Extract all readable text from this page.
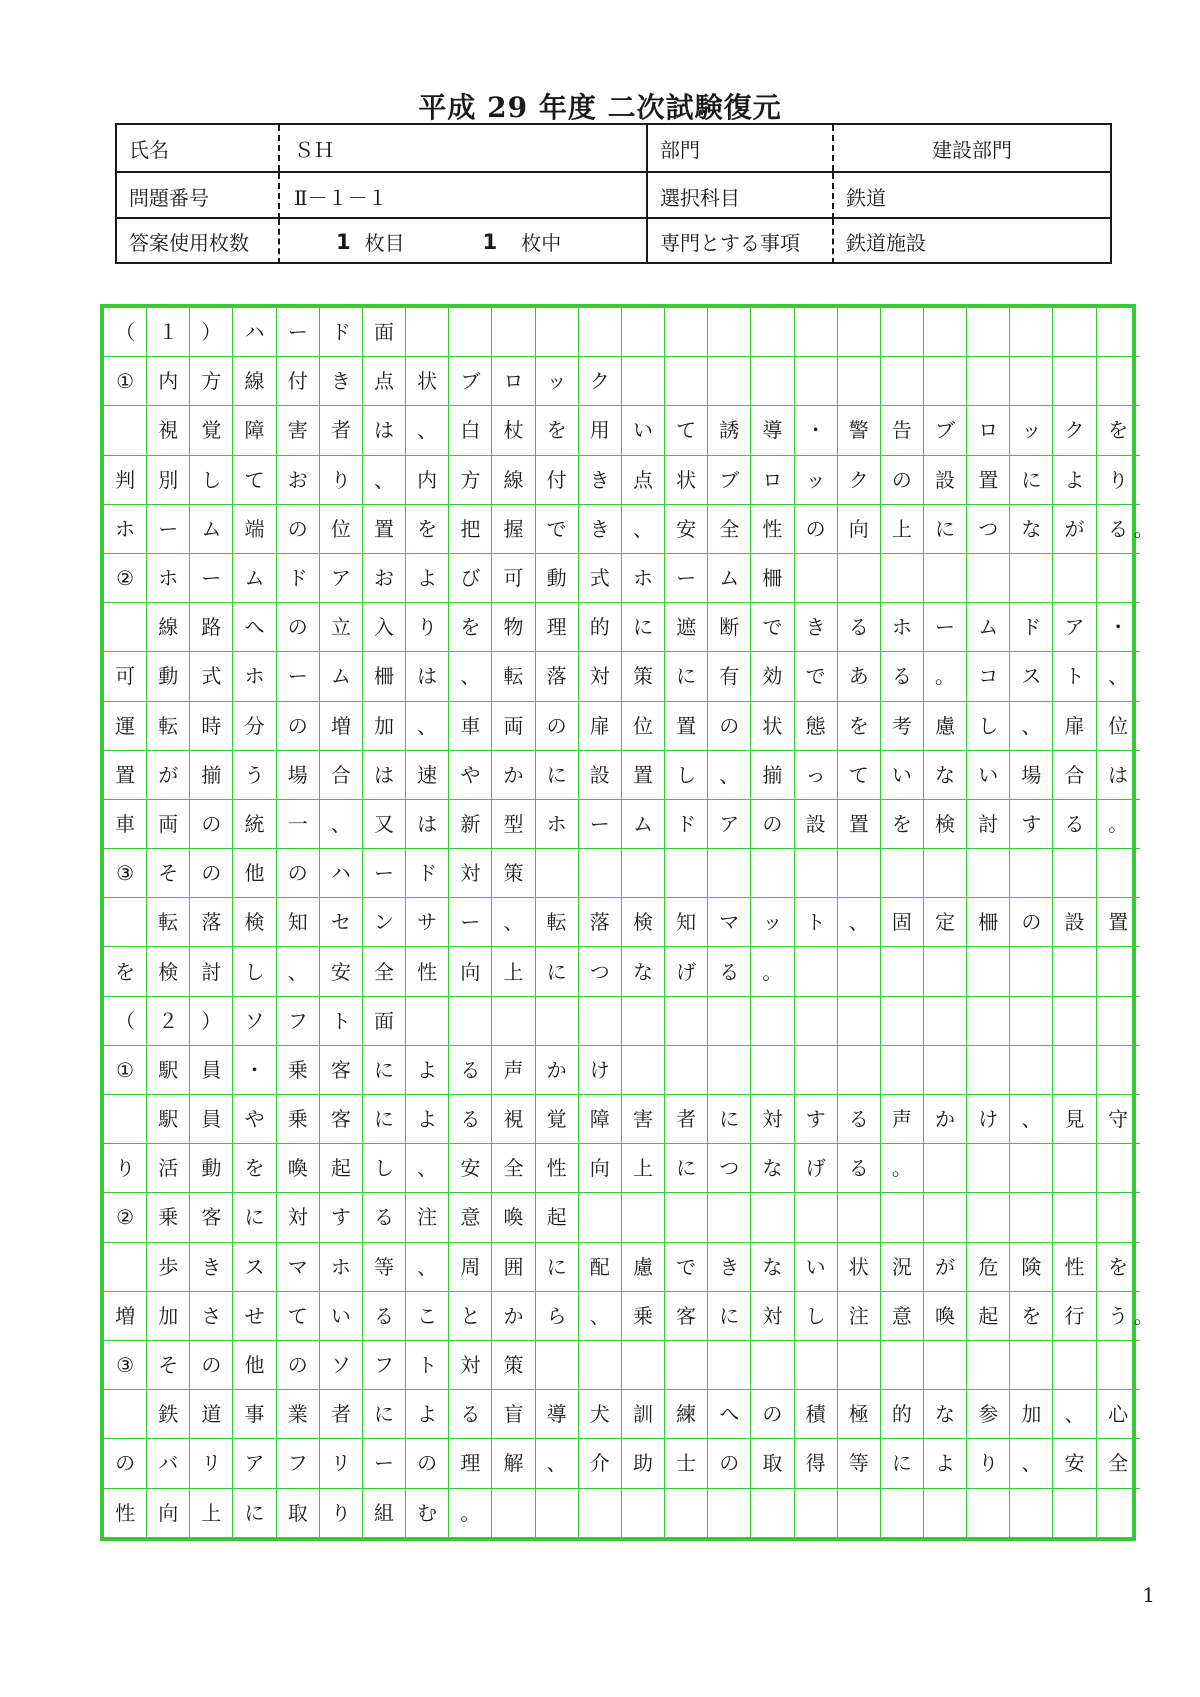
平成 29 年度 二次試験復元
氏名	ＳＨ	部門	建設部門
問題番号	Ⅱ－１－１	選択科目	鉄道
答案使用枚数	1 枚目	1 枚中	専門とする事項	鉄道施設
（	１	）	ハ	ー	ド	面
①	内	方	線	付	き	点	状	ブ	ロ	ッ	ク
視	覚	障	害	者	は	、	白	杖	を	用	い	て	誘	導	・	警	告	ブ	ロ	ッ	ク	を
判	別	し	て	お	り	、	内	方	線	付	き	点	状	ブ	ロ	ッ	ク	の	設	置	に	よ	り
ホ	ー	ム	端	の	位	置	を	把	握	で	き	、	安	全	性	の	向	上	に	つ	な	が	る 。
②	ホ	ー	ム	ド	ア	お	よ	び	可	動	式	ホ	ー	ム	柵
線	路	へ	の	立	入	り	を	物	理	的	に	遮	断	で	き	る	ホ	ー	ム	ド	ア	・
可	動	式	ホ	ー	ム	柵	は	、	転	落	対	策	に	有	効	で	あ	る	。	コ	ス	ト	、
運	転	時	分	の	増	加	、	車	両	の	扉	位	置	の	状	態	を	考	慮	し	、	扉	位
置	が	揃	う	場	合	は	速	や	か	に	設	置	し	、	揃	っ	て	い	な	い	場	合	は
車	両	の	統	一	、	又	は	新	型	ホ	ー	ム	ド	ア	の	設	置	を	検	討	す	る	。
③	そ	の	他	の	ハ	ー	ド	対	策
転	落	検	知	セ	ン	サ	ー	、	転	落	検	知	マ	ッ	ト	、	固	定	柵	の	設	置
を	検	討	し	、	安	全	性	向	上	に	つ	な	げ	る	。
（	２	）	ソ	フ	ト	面
①	駅	員	・	乗	客	に	よ	る	声	か	け
駅	員	や	乗	客	に	よ	る	視	覚	障	害	者	に	対	す	る	声	か	け	、	見	守
り	活	動	を	喚	起	し	、	安	全	性	向	上	に	つ	な	げ	る	。
②	乗	客	に	対	す	る	注	意	喚	起
歩	き	ス	マ	ホ	等	、	周	囲	に	配	慮	で	き	な	い	状	況	が	危	険	性	を
増	加	さ	せ	て	い	る	こ	と	か	ら	、	乗	客	に	対	し	注	意	喚	起	を	行	う 。
③	そ	の	他	の	ソ	フ	ト	対	策
鉄	道	事	業	者	に	よ	る	盲	導	犬	訓	練	へ	の	積	極	的	な	参	加	、	心
の	バ	リ	ア	フ	リ	ー	の	理	解	、	介	助	士	の	取	得	等	に	よ	り	、	安	全
性	向	上	に	取	り	組	む	。
1
